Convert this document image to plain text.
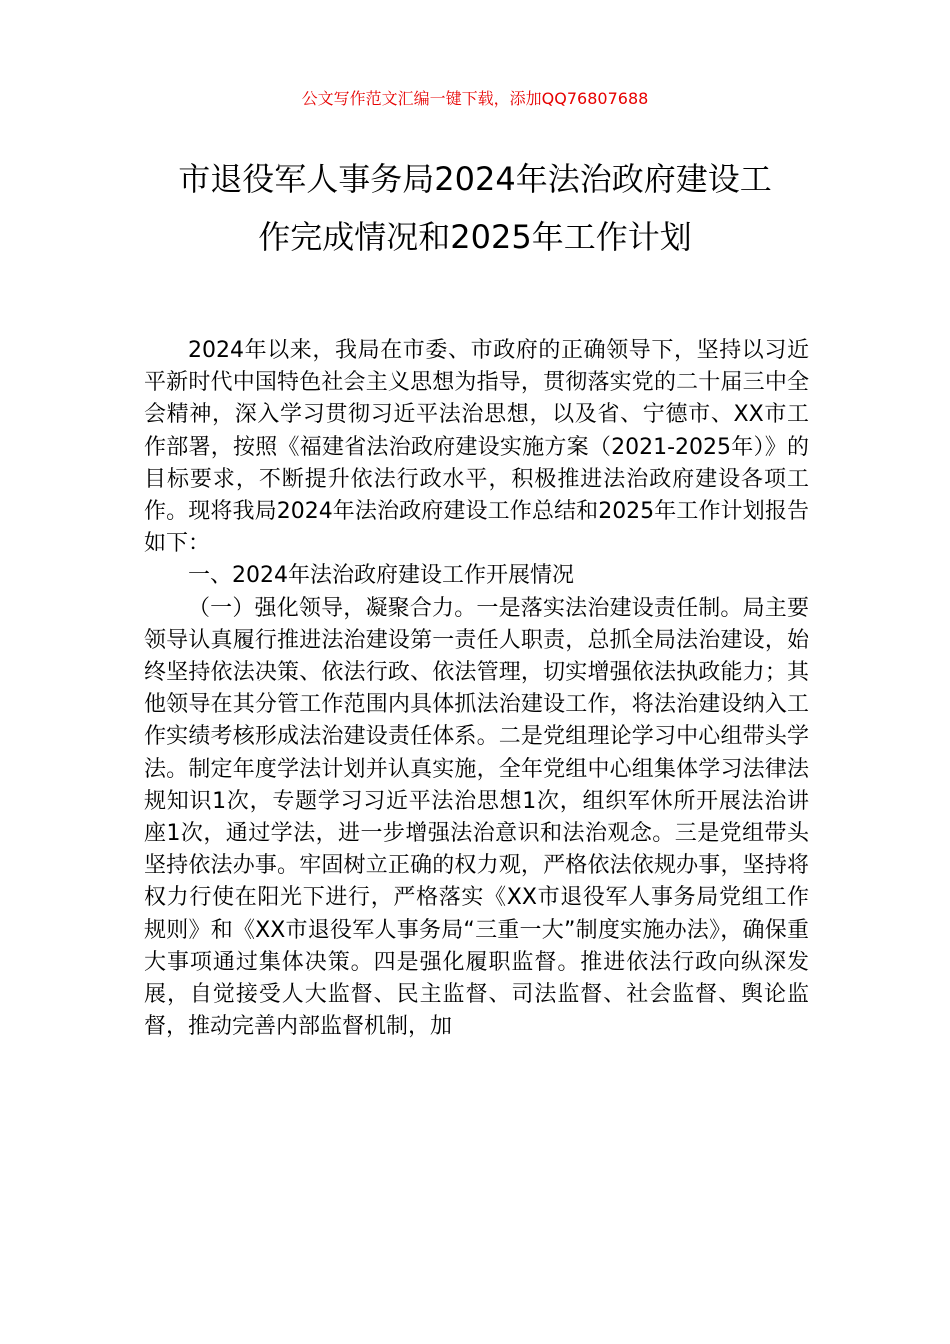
公文写作范文汇编一键下载，添加QQ76807688
市退役军人事务局2024年法治政府建设工
作完成情况和2025年工作计划

2024年以来，我局在市委、市政府的正确领导下，坚持以习近平新时代中国特色社会主义思想为指导，贯彻落实党的二十届三中全会精神，深入学习贯彻习近平法治思想，以及省、宁德市、XX市工作部署，按照《福建省法治政府建设实施方案（2021-2025年）》的目标要求，不断提升依法行政水平，积极推进法治政府建设各项工作。现将我局2024年法治政府建设工作总结和2025年工作计划报告如下：

一、2024年法治政府建设工作开展情况

（一）强化领导，凝聚合力。一是落实法治建设责任制。局主要领导认真履行推进法治建设第一责任人职责，总抓全局法治建设，始终坚持依法决策、依法行政、依法管理，切实增强依法执政能力；其他领导在其分管工作范围内具体抓法治建设工作，将法治建设纳入工作实绩考核形成法治建设责任体系。二是党组理论学习中心组带头学法。制定年度学法计划并认真实施，全年党组中心组集体学习法律法规知识1次，专题学习习近平法治思想1次，组织军休所开展法治讲座1次，通过学法，进一步增强法治意识和法治观念。三是党组带头坚持依法办事。牢固树立正确的权力观，严格依法依规办事，坚持将权力行使在阳光下进行，严格落实《XX市退役军人事务局党组工作规则》和《XX市退役军人事务局“三重一大”制度实施办法》，确保重大事项通过集体决策。四是强化履职监督。推进依法行政向纵深发展，自觉接受人大监督、民主监督、司法监督、社会监督、舆论监督，推动完善内部监督机制，加
